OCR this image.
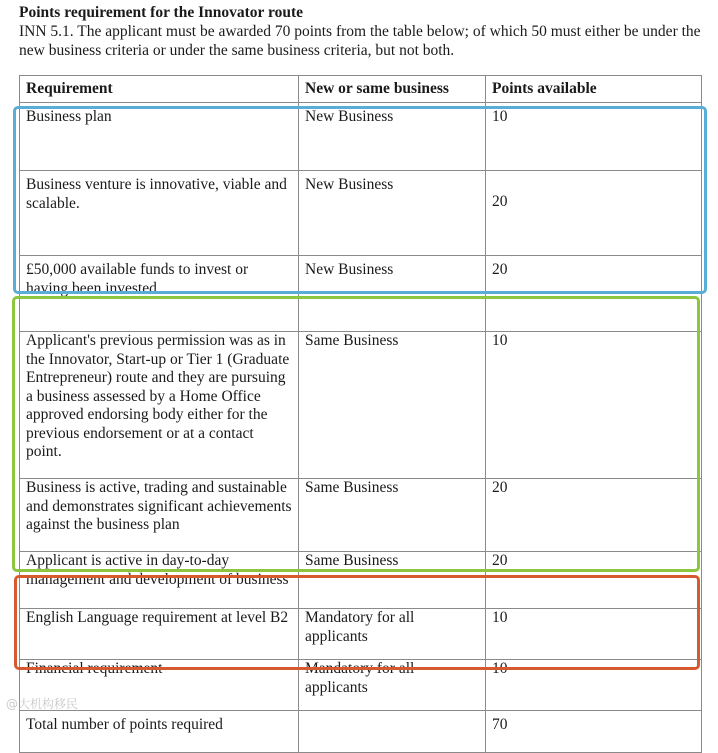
Points requirement for the Innovator route
INN 5.1. The applicant must be awarded 70 points from the table below; of which 50 must either be under the new business criteria or under the same business criteria, but not both.
Requirement	New or same business	Points available
Business plan	New Business	10
Business venture is innovative, viable and scalable.	New Business	20
£50,000 available funds to invest or having been invested	New Business	20
Applicant's previous permission was as in the Innovator, Start-up or Tier 1 (Graduate Entrepreneur) route and they are pursuing a business assessed by a Home Office approved endorsing body either for the previous endorsement or at a contact point.	Same Business	10
Business is active, trading and sustainable and demonstrates significant achievements against the business plan	Same Business	20
Applicant is active in day-to-day management and development of business	Same Business	20
English Language requirement at level B2	Mandatory for all applicants	10
Financial requirement	Mandatory for all applicants	10
Total number of points required		70
@大机构移民
